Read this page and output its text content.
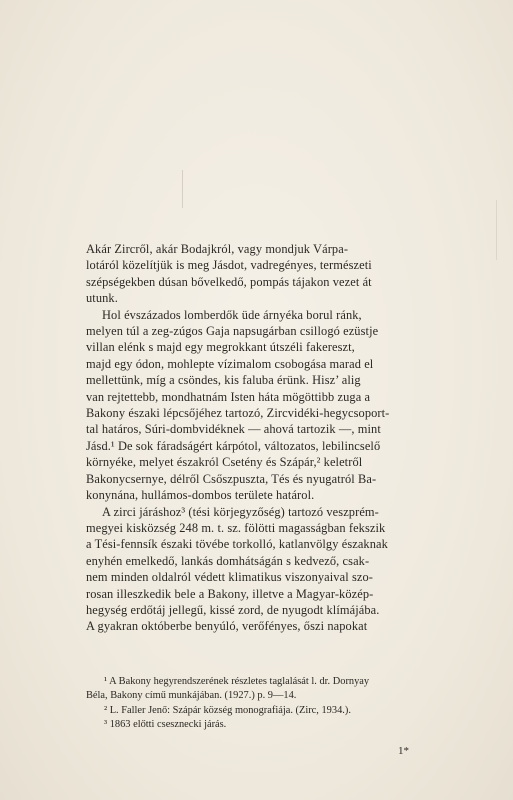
Akár Zircről, akár Bodajkról, vagy mondjuk Várpa-
lotáról közelítjük is meg Jásdot, vadregényes, természeti
szépségekben dúsan bővelkedő, pompás tájakon vezet át
utunk.
Hol évszázados lomberdők üde árnyéka borul ránk,
melyen túl a zeg-zúgos Gaja napsugárban csillogó ezüstje
villan elénk s majd egy megrokkant útszéli fakereszt,
majd egy ódon, mohlepte vízimalom csobogása marad el
mellettünk, míg a csöndes, kis faluba érünk. Hisz’ alig
van rejtettebb, mondhatnám Isten háta mögöttibb zuga a
Bakony északi lépcsőjéhez tartozó, Zircvidéki-hegycsoport-
tal határos, Súri-dombvidéknek — ahová tartozik —, mint
Jásd.¹ De sok fáradságért kárpótol, változatos, lebilincselő
környéke, melyet északról Csetény és Szápár,² keletről
Bakonycsernye, délről Csőszpuszta, Tés és nyugatról Ba-
konynána, hullámos-dombos területe határol.
A zirci járáshoz³ (tési körjegyzőség) tartozó veszprém-
megyei kisközség 248 m. t. sz. fölötti magasságban fekszik
a Tési-fennsík északi tövébe torkolló, katlanvölgy északnak
enyhén emelkedő, lankás domhátságán s kedvező, csak-
nem minden oldalról védett klimatikus viszonyaival szo-
rosan illeszkedik bele a Bakony, illetve a Magyar-közép-
hegység erdőtáj jellegű, kissé zord, de nyugodt klímájába.
A gyakran októberbe benyúló, verőfényes, őszi napokat

¹ A Bakony hegyrendszerének részletes taglalását l. dr. Dornyay

Béla, Bakony című munkájában. (1927.) p. 9—14.

² L. Faller Jenő: Szápár község monografiája. (Zirc, 1934.).

³ 1863 előtti csesznecki járás.

1*
